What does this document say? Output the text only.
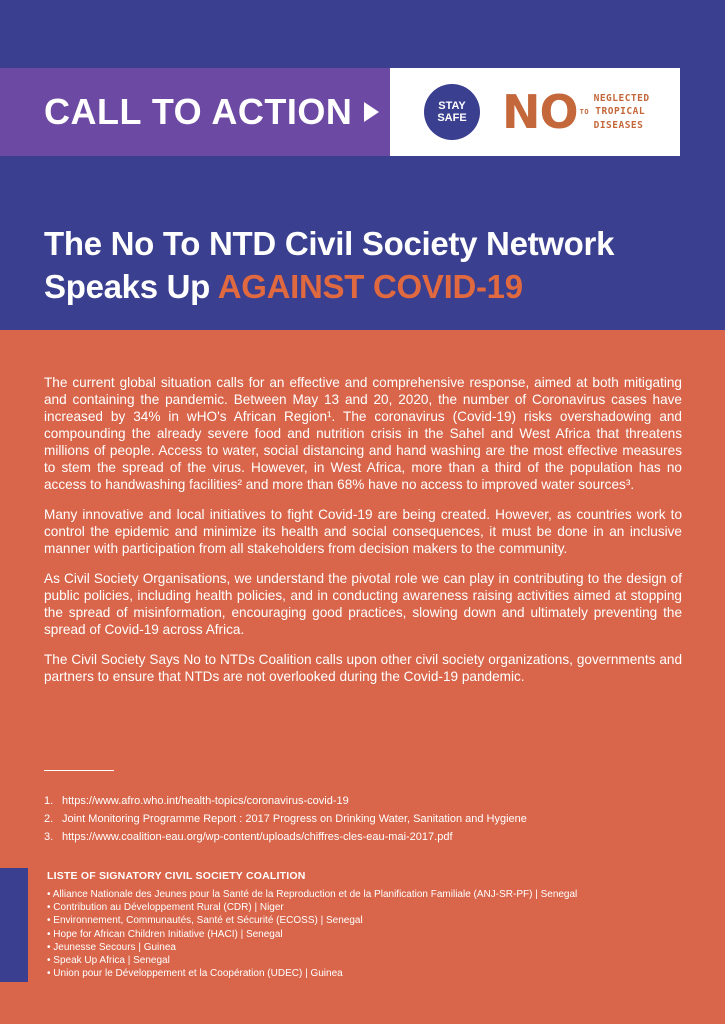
CALL TO ACTION	STAY
SAFE NO	NEGLECTED
TO TROPICAL
DISEASES
The No To NTD Civil Society Network Speaks Up AGAINST COVID-19

The current global situation calls for an effective and comprehensive response, aimed at both mitigating and containing the pandemic. Between May 13 and 20, 2020, the number of Coronavirus cases have increased by 34% in wHO's African Region¹. The coronavirus (Covid-19) risks overshadowing and compounding the already severe food and nutrition crisis in the Sahel and West Africa that threatens millions of people. Access to water, social distancing and hand washing are the most effective measures to stem the spread of the virus. However, in West Africa, more than a third of the population has no access to handwashing facilities² and more than 68% have no access to improved water sources³.

Many innovative and local initiatives to fight Covid-19 are being created. However, as countries work to control the epidemic and minimize its health and social consequences, it must be done in an inclusive manner with participation from all stakeholders from decision makers to the community.

As Civil Society Organisations, we understand the pivotal role we can play in contributing to the design of public policies, including health policies, and in conducting awareness raising activities aimed at stopping the spread of misinformation, encouraging good practices, slowing down and ultimately preventing the spread of Covid-19 across Africa.

The Civil Society Says No to NTDs Coalition calls upon other civil society organizations, governments and partners to ensure that NTDs are not overlooked during the Covid-19 pandemic.

1. https://www.afro.who.int/health-topics/coronavirus-covid-19
2. Joint Monitoring Programme Report : 2017 Progress on Drinking Water, Sanitation and Hygiene
3. https://www.coalition-eau.org/wp-content/uploads/chiffres-cles-eau-mai-2017.pdf
LISTE OF SIGNATORY CIVIL SOCIETY COALITION
• Alliance Nationale des Jeunes pour la Santé de la Reproduction et de la Planification Familiale (ANJ-SR-PF) | Senegal
• Contribution au Développement Rural (CDR) | Niger
• Environnement, Communautés, Santé et Sécurité (ECOSS) | Senegal
• Hope for African Children Initiative (HACI) | Senegal
• Jeunesse Secours | Guinea
• Speak Up Africa | Senegal
• Union pour le Développement et la Coopération (UDEC) | Guinea
